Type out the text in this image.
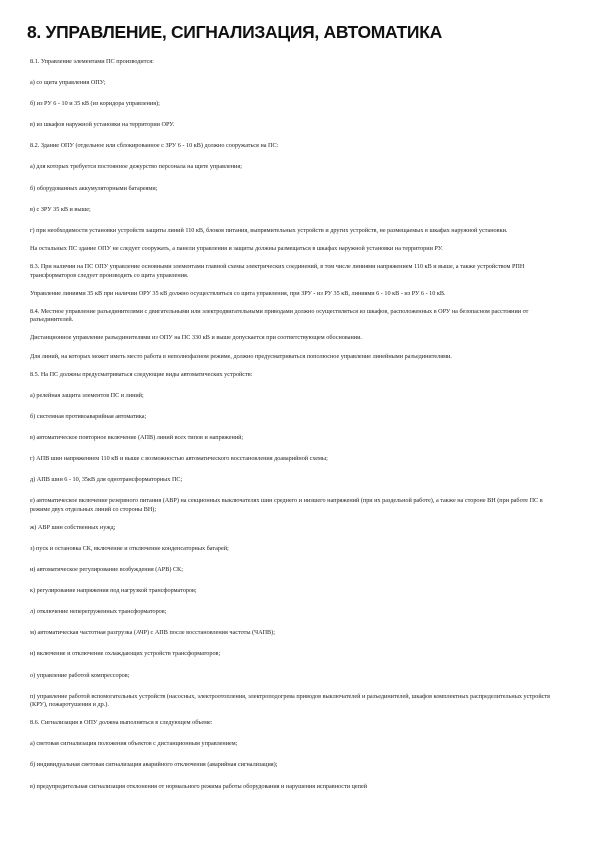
8. УПРАВЛЕНИЕ, СИГНАЛИЗАЦИЯ, АВТОМАТИКА

8.1. Управление элементами ПС производится:

а) со щита управления ОПУ;

б) из РУ 6 - 10 и 35 кВ (из коридора управления);

в) из шкафов наружной установки на территории ОРУ.

8.2. Здание ОПУ (отдельное или сблокированное с ЗРУ 6 - 10 кВ) должно сооружаться на ПС:

а) для которых требуется постоянное дежурство персонала на щите управления;

б) оборудованных аккумуляторными батареями;

в) с ЗРУ 35 кВ и выше;

г) при необходимости установки устройств защиты линий 110 кВ, блоков питания, выпрямительных устройств и других устройств, не размещаемых в шкафах наружной установки.

На остальных ПС здание ОПУ не следует сооружать, а панели управления и защиты должны размещаться в шкафах наружной установки на территории РУ.

8.3. При наличии на ПС ОПУ управление основными элементами главной схемы электрических соединений, в том числе линиями напряжением 110 кВ и выше, а также устройством РПН трансформаторов следует производить со щита управления.

Управление линиями 35 кВ при наличии ОРУ 35 кВ должно осуществляться со щита управления, при ЗРУ - из РУ 35 кВ, линиями 6 - 10 кВ - из РУ 6 - 10 кВ.

8.4. Местное управление разъединителями с двигательными или электродвигательными приводами должно осуществляться из шкафов, расположенных в ОРУ на безопасном расстоянии от разъединителей.

Дистанционное управление разъединителями из ОПУ на ПС 330 кВ и выше допускается при соответствующем обосновании.

Для линий, на которых может иметь место работа в неполнофазном режиме, должно предусматриваться пополюсное управление линейными разъединителями.

8.5. На ПС должны предусматриваться следующие виды автоматических устройств:

а) релейная защита элементов ПС и линий;

б) системная противоаварийная автоматика;

в) автоматическое повторное включение (АПВ) линий всех типов и напряжений;

г) АПВ шин напряжением 110 кВ и выше с возможностью автоматического восстановления доаварийной схемы;

д) АПВ шин 6 - 10, 35кВ для однотрансформаторных ПС;

е) автоматическое включение резервного питания (АВР) на секционных выключателях шин среднего и низшего напряжений (при их раздельной работе), а также на стороне ВН (при работе ПС в режиме двух отдельных линий со стороны ВН);

ж) АВР шин собственных нужд;

з) пуск и остановка СК, включение и отключение конденсаторных батарей;

и) автоматическое регулирование возбуждения (АРВ) СК;

к) регулирование напряжения под нагрузкой трансформаторов;

л) отключение неперегруженных трансформаторов;

м) автоматическая частотная разгрузка (АЧР) с АПВ после восстановления частоты (ЧАПВ);

н) включение и отключение охлаждающих устройств трансформаторов;

о) управление работой компрессоров;

п) управление работой вспомогательных устройств (насосных, электроотопления, электроподогрева приводов выключателей и разъединителей, шкафов комплектных распределительных устройств (КРУ), пожаротушения и др.).

8.6. Сигнализация в ОПУ должна выполняться в следующем объеме:

а) световая сигнализация положения объектов с дистанционным управлением;

б) индивидуальная световая сигнализация аварийного отключения (аварийная сигнализация);

в) предупредительная сигнализация отклонения от нормального режима работы оборудования и нарушения исправности цепей
